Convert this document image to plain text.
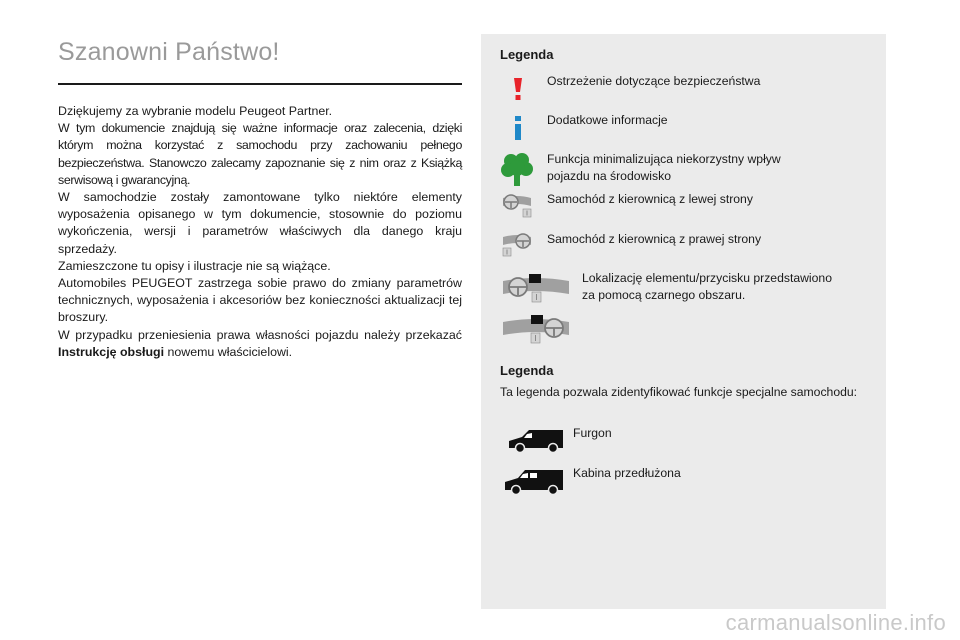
Szanowni Państwo!

Dziękujemy za wybranie modelu Peugeot Partner.

W tym dokumencie znajdują się ważne informacje oraz zalecenia, dzięki którym można korzystać z samochodu przy zachowaniu pełnego bezpieczeństwa. Stanowczo zalecamy zapoznanie się z nim oraz z Książką serwisową i gwarancyjną.

W samochodzie zostały zamontowane tylko niektóre elementy wyposażenia opisanego w tym dokumencie, stosownie do poziomu wykończenia, wersji i parametrów właściwych dla danego kraju sprzedaży.

Zamieszczone tu opisy i ilustracje nie są wiążące.

Automobiles PEUGEOT zastrzega sobie prawo do zmiany parametrów technicznych, wyposażenia i akcesoriów bez konieczności aktualizacji tej broszury.

W przypadku przeniesienia prawa własności pojazdu należy przekazać Instrukcję obsługi nowemu właścicielowi.

Legenda
Ostrzeżenie dotyczące bezpieczeństwa
Dodatkowe informacje
Funkcja minimalizująca niekorzystny wpływ pojazdu na środowisko
Samochód z kierownicą z lewej strony
Samochód z kierownicą z prawej strony
Lokalizację elementu/przycisku przedstawiono za pomocą czarnego obszaru.
Legenda
Ta legenda pozwala zidentyfikować funkcje specjalne samochodu:
Furgon
Kabina przedłużona
carmanualsonline.info
